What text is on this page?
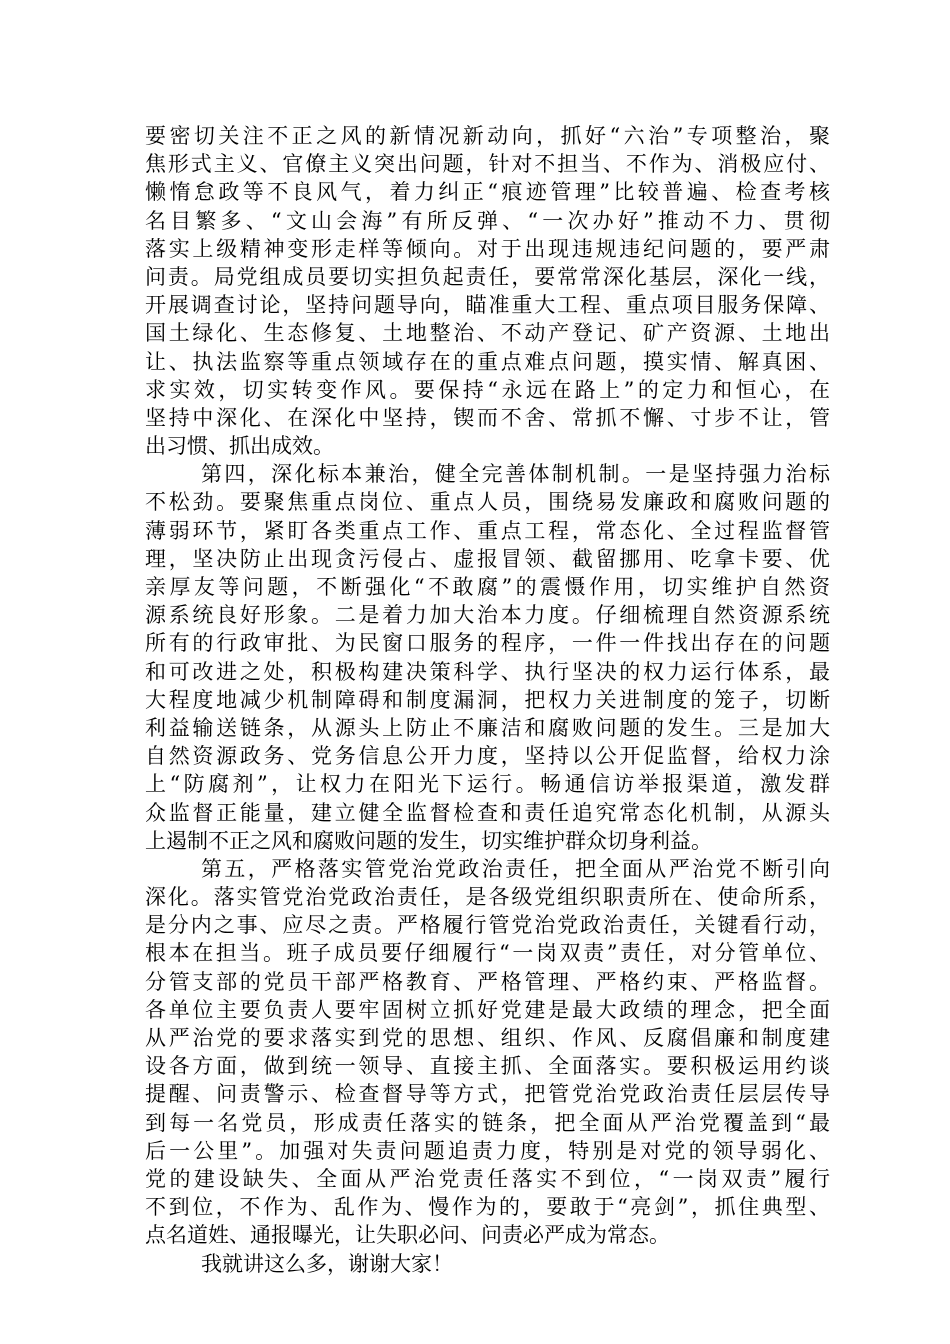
要密切关注不正之风的新情况新动向，抓好“六治”专项整治，聚
焦形式主义、官僚主义突出问题，针对不担当、不作为、消极应付、
懒惰怠政等不良风气，着力纠正“痕迹管理”比较普遍、检查考核
名目繁多、“文山会海”有所反弹、“一次办好”推动不力、贯彻
落实上级精神变形走样等倾向。对于出现违规违纪问题的，要严肃
问责。局党组成员要切实担负起责任，要常常深化基层，深化一线，
开展调查讨论，坚持问题导向，瞄准重大工程、重点项目服务保障、
国土绿化、生态修复、土地整治、不动产登记、矿产资源、土地出
让、执法监察等重点领域存在的重点难点问题，摸实情、解真困、
求实效，切实转变作风。要保持“永远在路上”的定力和恒心，在
坚持中深化、在深化中坚持，锲而不舍、常抓不懈、寸步不让，管
出习惯、抓出成效。
第四，深化标本兼治，健全完善体制机制。一是坚持强力治标
不松劲。要聚焦重点岗位、重点人员，围绕易发廉政和腐败问题的
薄弱环节，紧盯各类重点工作、重点工程，常态化、全过程监督管
理，坚决防止出现贪污侵占、虚报冒领、截留挪用、吃拿卡要、优
亲厚友等问题，不断强化“不敢腐”的震慑作用，切实维护自然资
源系统良好形象。二是着力加大治本力度。仔细梳理自然资源系统
所有的行政审批、为民窗口服务的程序，一件一件找出存在的问题
和可改进之处，积极构建决策科学、执行坚决的权力运行体系，最
大程度地减少机制障碍和制度漏洞，把权力关进制度的笼子，切断
利益输送链条，从源头上防止不廉洁和腐败问题的发生。三是加大
自然资源政务、党务信息公开力度，坚持以公开促监督，给权力涂
上“防腐剂”，让权力在阳光下运行。畅通信访举报渠道，激发群
众监督正能量，建立健全监督检查和责任追究常态化机制，从源头
上遏制不正之风和腐败问题的发生，切实维护群众切身利益。
第五，严格落实管党治党政治责任，把全面从严治党不断引向
深化。落实管党治党政治责任，是各级党组织职责所在、使命所系，
是分内之事、应尽之责。严格履行管党治党政治责任，关键看行动，
根本在担当。班子成员要仔细履行“一岗双责”责任，对分管单位、
分管支部的党员干部严格教育、严格管理、严格约束、严格监督。
各单位主要负责人要牢固树立抓好党建是最大政绩的理念，把全面
从严治党的要求落实到党的思想、组织、作风、反腐倡廉和制度建
设各方面，做到统一领导、直接主抓、全面落实。要积极运用约谈
提醒、问责警示、检查督导等方式，把管党治党政治责任层层传导
到每一名党员，形成责任落实的链条，把全面从严治党覆盖到“最
后一公里”。加强对失责问题追责力度，特别是对党的领导弱化、
党的建设缺失、全面从严治党责任落实不到位，“一岗双责”履行
不到位，不作为、乱作为、慢作为的，要敢于“亮剑”，抓住典型、
点名道姓、通报曝光，让失职必问、问责必严成为常态。
我就讲这么多，谢谢大家！
